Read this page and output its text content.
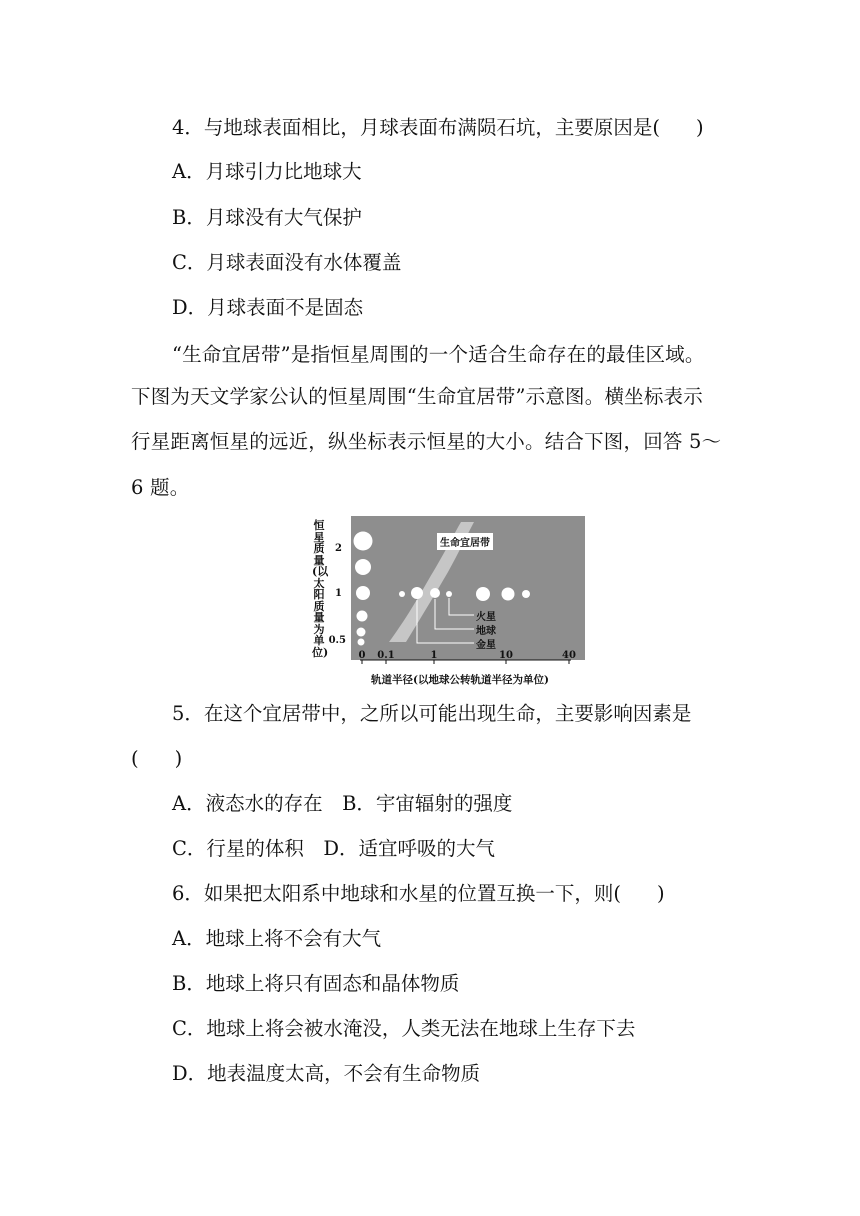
4．与地球表面相比，月球表面布满陨石坑，主要原因是( )
A．月球引力比地球大
B．月球没有大气保护
C．月球表面没有水体覆盖
D．月球表面不是固态
“生命宜居带”是指恒星周围的一个适合生命存在的最佳区域。
下图为天文学家公认的恒星周围“生命宜居带”示意图。横坐标表示
行星距离恒星的远近，纵坐标表示恒星的大小。结合下图，回答 5～
6 题。
生命宜居带
恒星质量(以太阳质量为单位)
2
1
0.5
0	0.1	1	10	40
轨道半径(以地球公转轨道半径为单位)
火星
地球
金星
5．在这个宜居带中，之所以可能出现生命，主要影响因素是
( )
A．液态水的存在　B．宇宙辐射的强度
C．行星的体积　D．适宜呼吸的大气
6．如果把太阳系中地球和水星的位置互换一下，则( )
A．地球上将不会有大气
B．地球上将只有固态和晶体物质
C．地球上将会被水淹没，人类无法在地球上生存下去
D．地表温度太高，不会有生命物质
